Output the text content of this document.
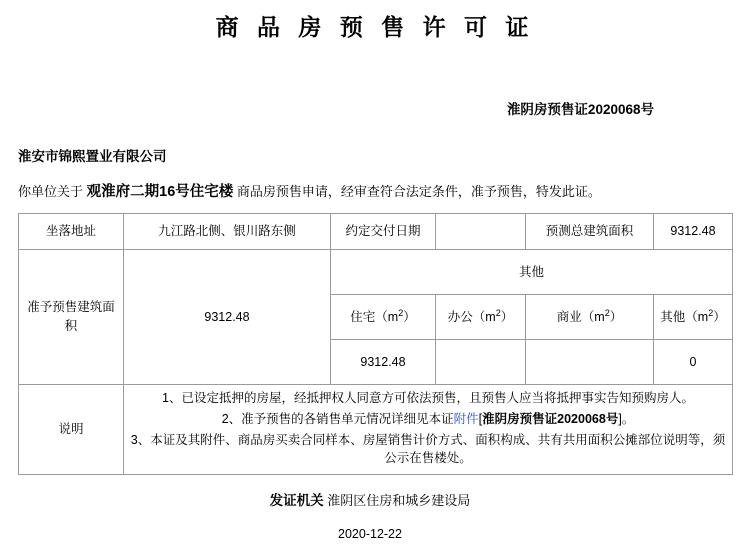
商 品 房 预 售 许 可 证
淮阴房预售证2020068号
淮安市锦熙置业有限公司
你单位关于 观淮府二期16号住宅楼 商品房预售申请，经审查符合法定条件，准予预售，特发此证。
坐落地址	九江路北侧、银川路东侧	约定交付日期		预测总建筑面积	9312.48
准予预售建筑面积	9312.48	其他			
		住宅$(m^2)$	办公$(m^2)$	商业$(m^2)$	其他$(m^2)$
		9312.48			0
说明	1、已设定抵押的房屋，经抵押权人同意方可依法预售，且预售人应当将抵押事实告知预购房人。

2、准予预售的各销售单元情况详细见本证附件[淮阴房预售证2020068号]。

3、本证及其附件、商品房买卖合同样本、房屋销售计价方式、面积构成、共有共用面积公摊部位说明等，须公示在售楼处。				

发证机关 淮阴区住房和城乡建设局
2020-12-22
